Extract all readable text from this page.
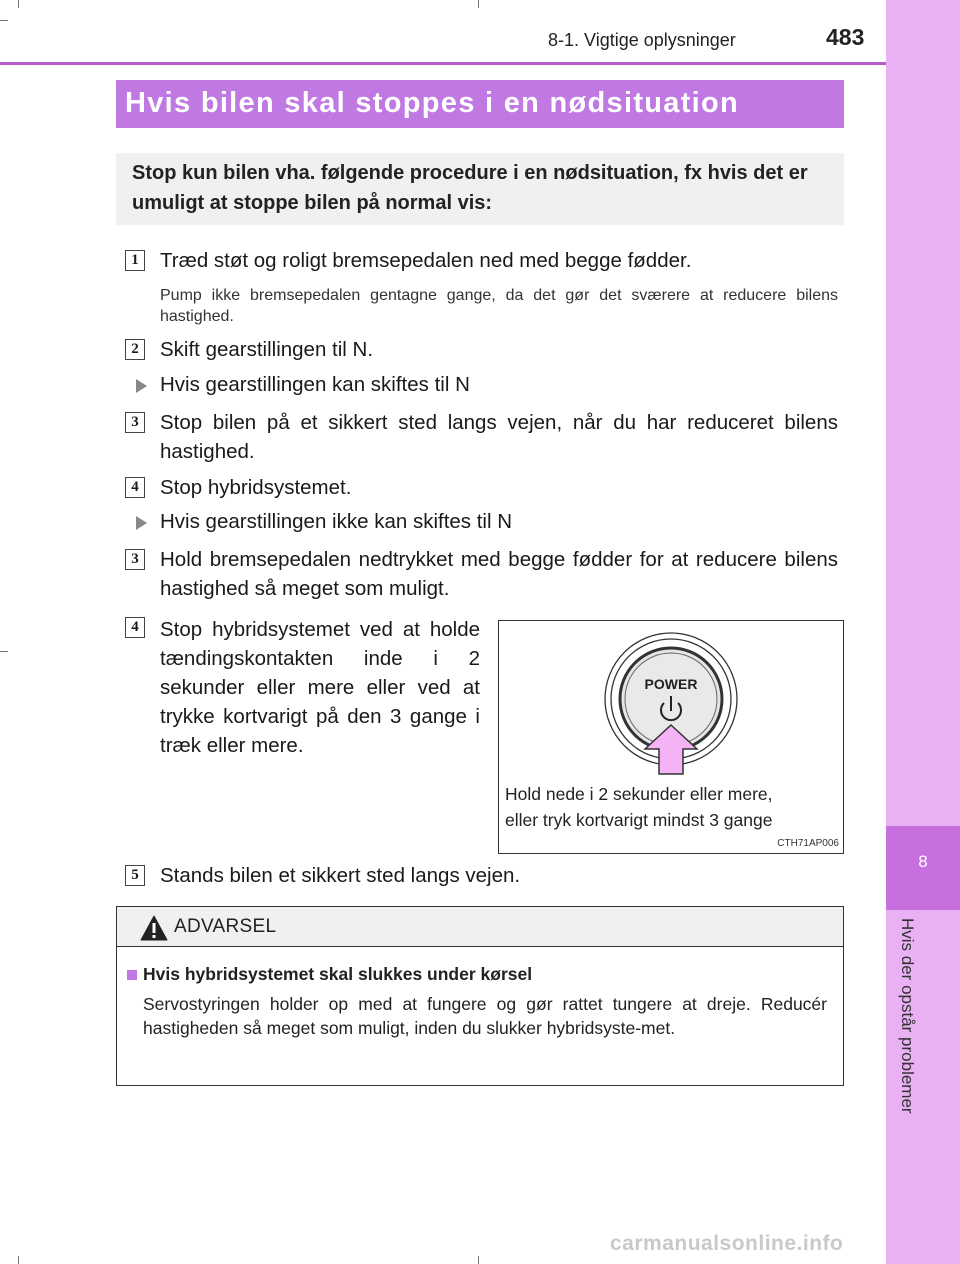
8-1. Vigtige oplysninger	483
8
Hvis der opstår problemer
Hvis bilen skal stoppes i en nødsituation
Stop kun bilen vha. følgende procedure i en nødsituation, fx hvis det er umuligt at stoppe bilen på normal vis:
1	Træd støt og roligt bremsepedalen ned med begge fødder.
Pump ikke bremsepedalen gentagne gange, da det gør det sværere at reducere bilens hastighed.
2	Skift gearstillingen til N.
Hvis gearstillingen kan skiftes til N
3	Stop bilen på et sikkert sted langs vejen, når du har reduceret bilens hastighed.
4	Stop hybridsystemet.
Hvis gearstillingen ikke kan skiftes til N
3	Hold bremsepedalen nedtrykket med begge fødder for at reducere bilens hastighed så meget som muligt.
4	Stop hybridsystemet ved at holde tændingskontakten inde i 2 sekunder eller mere eller ved at trykke kortvarigt på den 3 gange i træk eller mere.
POWER
Hold nede i 2 sekunder eller mere,
eller tryk kortvarigt mindst 3 gange
CTH71AP006
5	Stands bilen et sikkert sted langs vejen.
ADVARSEL
Hvis hybridsystemet skal slukkes under kørsel
Servostyringen holder op med at fungere og gør rattet tungere at dreje. Reducér hastigheden så meget som muligt, inden du slukker hybridsyste-met.
carmanualsonline.info
